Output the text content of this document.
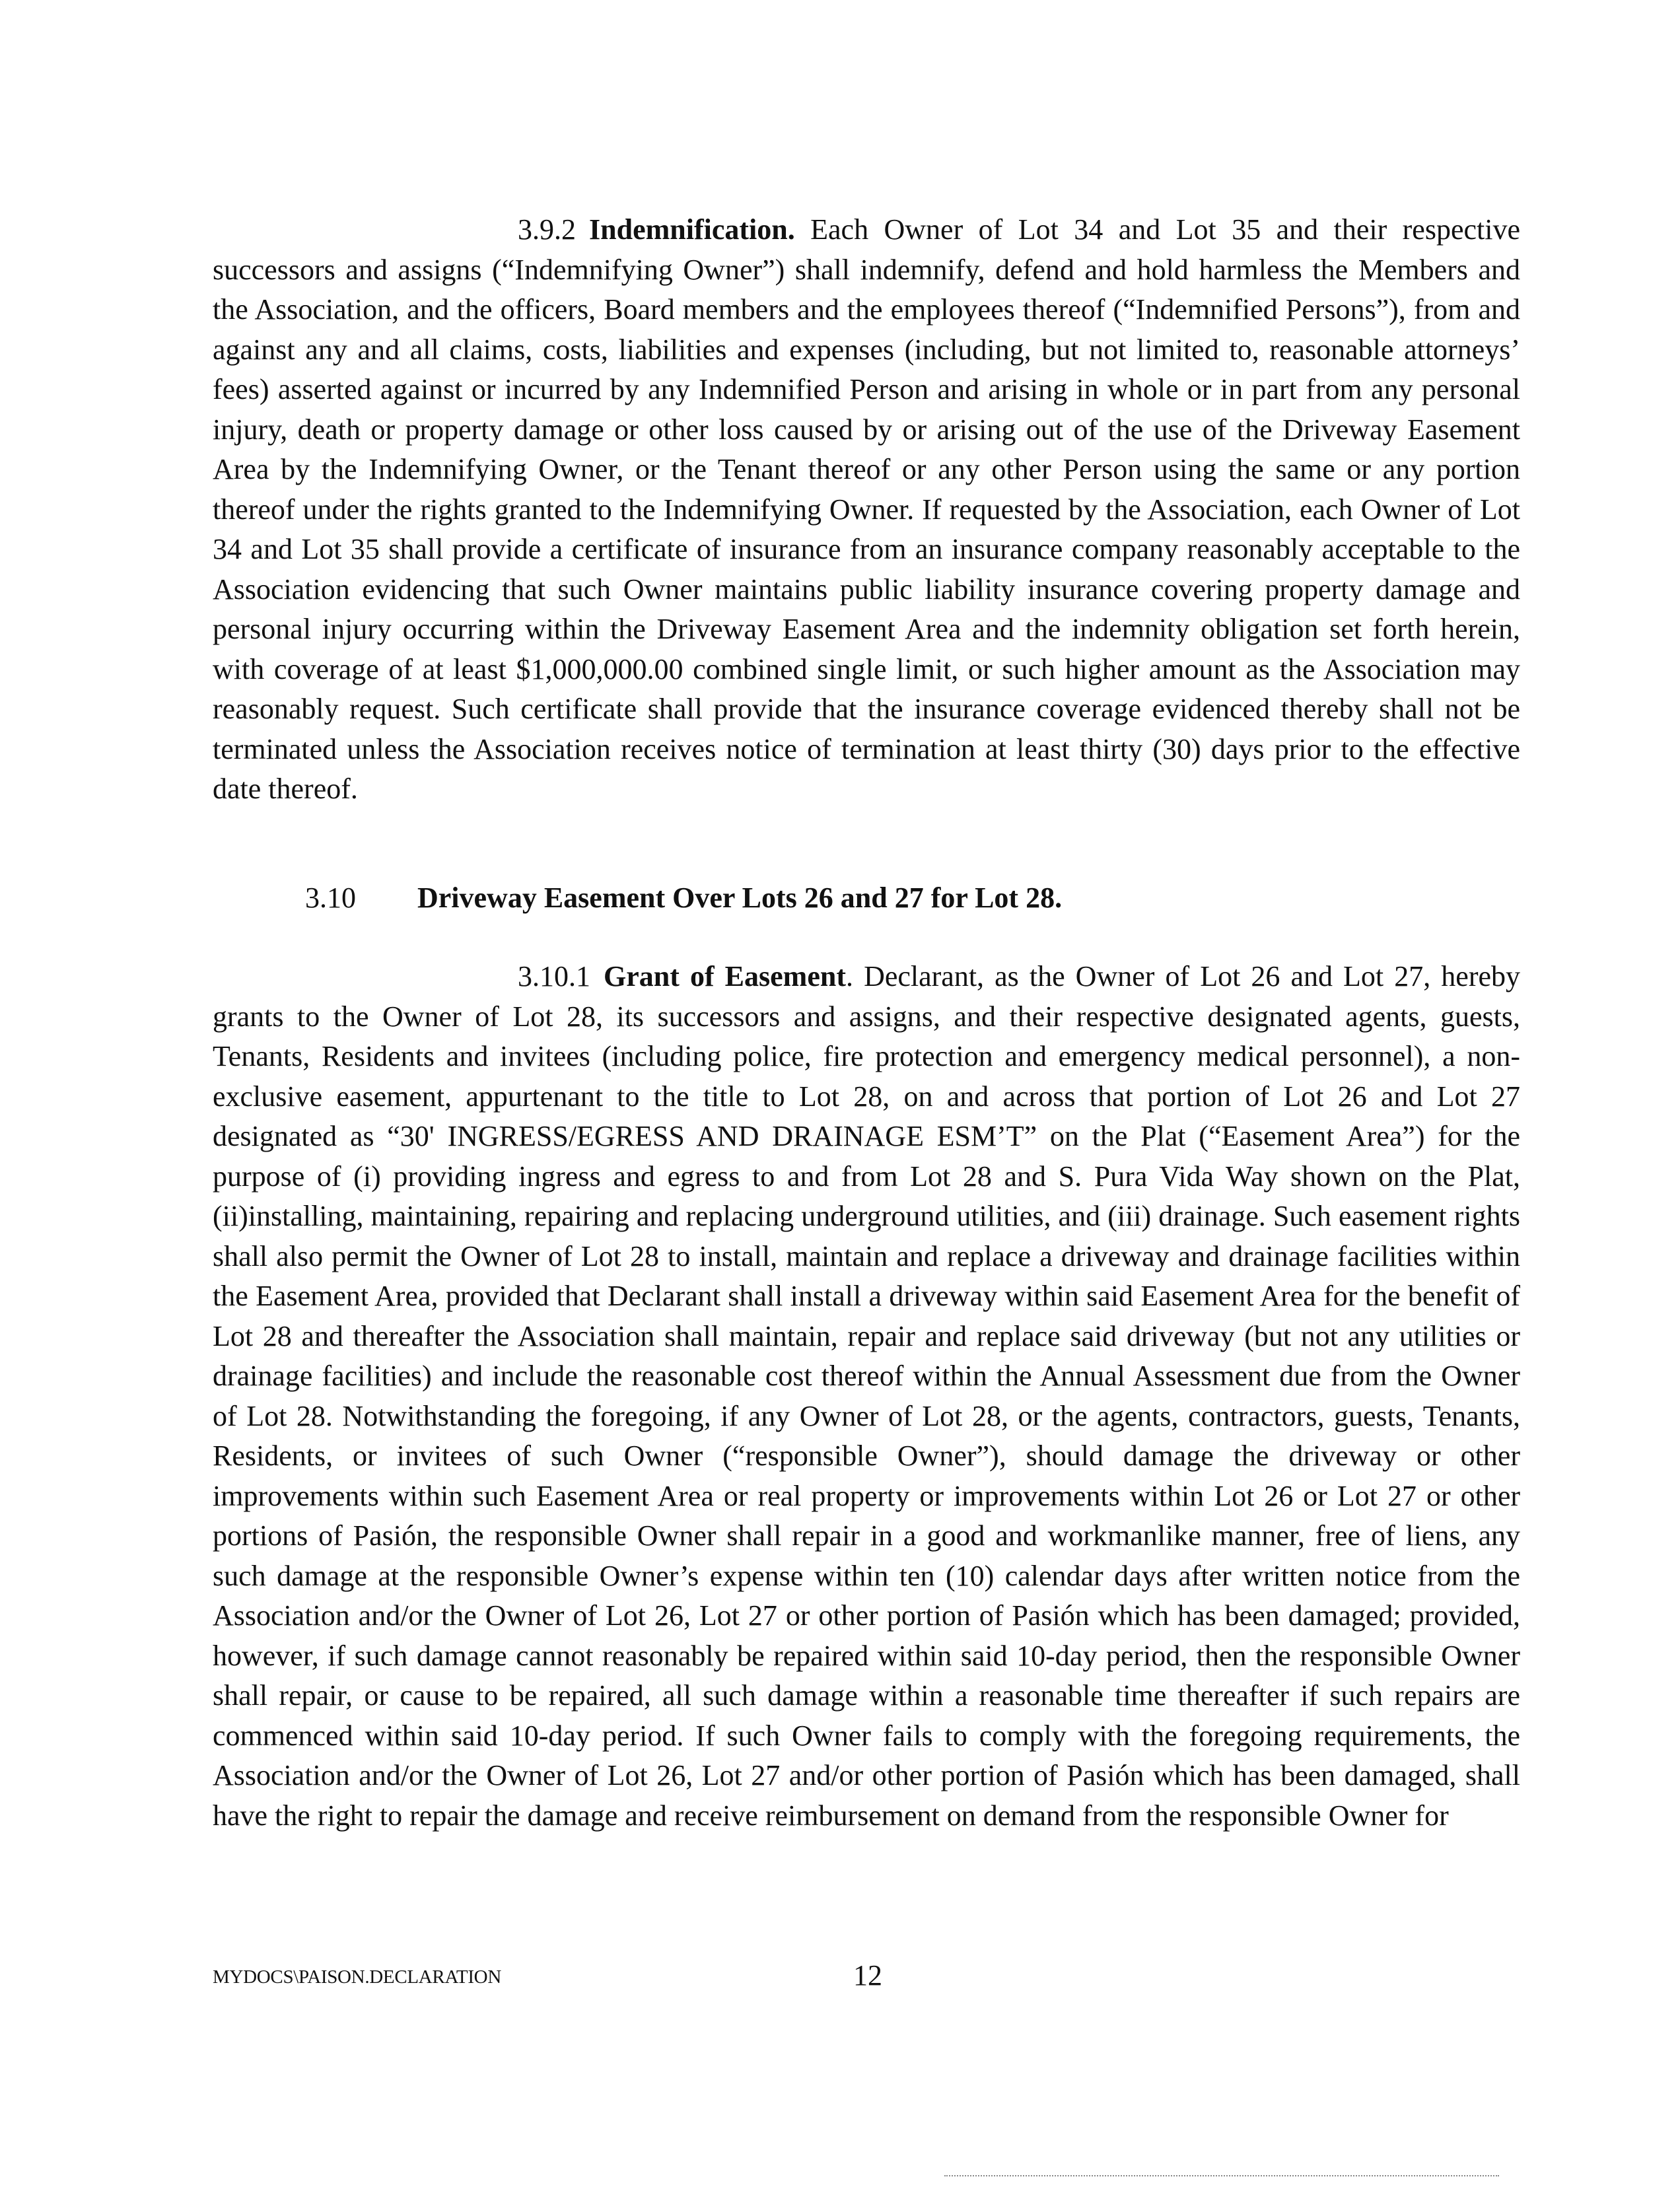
3.9.2 Indemnification. Each Owner of Lot 34 and Lot 35 and their respective successors and assigns (“Indemnifying Owner”) shall indemnify, defend and hold harmless the Members and the Association, and the officers, Board members and the employees thereof (“Indemnified Persons”), from and against any and all claims, costs, liabilities and expenses (including, but not limited to, reasonable attorneys’ fees) asserted against or incurred by any Indemnified Person and arising in whole or in part from any personal injury, death or property damage or other loss caused by or arising out of the use of the Driveway Easement Area by the Indemnifying Owner, or the Tenant thereof or any other Person using the same or any portion thereof under the rights granted to the Indemnifying Owner. If requested by the Association, each Owner of Lot 34 and Lot 35 shall provide a certificate of insurance from an insurance company reasonably acceptable to the Association evidencing that such Owner maintains public liability insurance covering property damage and personal injury occurring within the Driveway Easement Area and the indemnity obligation set forth herein, with coverage of at least $1,000,000.00 combined single limit, or such higher amount as the Association may reasonably request. Such certificate shall provide that the insurance coverage evidenced thereby shall not be terminated unless the Association receives notice of termination at least thirty (30) days prior to the effective date thereof.

3.10 Driveway Easement Over Lots 26 and 27 for Lot 28.

3.10.1 Grant of Easement. Declarant, as the Owner of Lot 26 and Lot 27, hereby grants to the Owner of Lot 28, its successors and assigns, and their respective designated agents, guests, Tenants, Residents and invitees (including police, fire protection and emergency medical personnel), a non-exclusive easement, appurtenant to the title to Lot 28, on and across that portion of Lot 26 and Lot 27 designated as “30' INGRESS/EGRESS AND DRAINAGE ESM’T” on the Plat (“Easement Area”) for the purpose of (i) providing ingress and egress to and from Lot 28 and S. Pura Vida Way shown on the Plat, (ii)installing, maintaining, repairing and replacing underground utilities, and (iii) drainage. Such easement rights shall also permit the Owner of Lot 28 to install, maintain and replace a driveway and drainage facilities within the Easement Area, provided that Declarant shall install a driveway within said Easement Area for the benefit of Lot 28 and thereafter the Association shall maintain, repair and replace said driveway (but not any utilities or drainage facilities) and include the reasonable cost thereof within the Annual Assessment due from the Owner of Lot 28. Notwithstanding the foregoing, if any Owner of Lot 28, or the agents, contractors, guests, Tenants, Residents, or invitees of such Owner (“responsible Owner”), should damage the driveway or other improvements within such Easement Area or real property or improvements within Lot 26 or Lot 27 or other portions of Pasión, the responsible Owner shall repair in a good and workmanlike manner, free of liens, any such damage at the responsible Owner’s expense within ten (10) calendar days after written notice from the Association and/or the Owner of Lot 26, Lot 27 or other portion of Pasión which has been damaged; provided, however, if such damage cannot reasonably be repaired within said 10-day period, then the responsible Owner shall repair, or cause to be repaired, all such damage within a reasonable time thereafter if such repairs are commenced within said 10-day period. If such Owner fails to comply with the foregoing requirements, the Association and/or the Owner of Lot 26, Lot 27 and/or other portion of Pasión which has been damaged, shall have the right to repair the damage and receive reimbursement on demand from the responsible Owner for

MYDOCS\PAISON.DECLARATION	12
